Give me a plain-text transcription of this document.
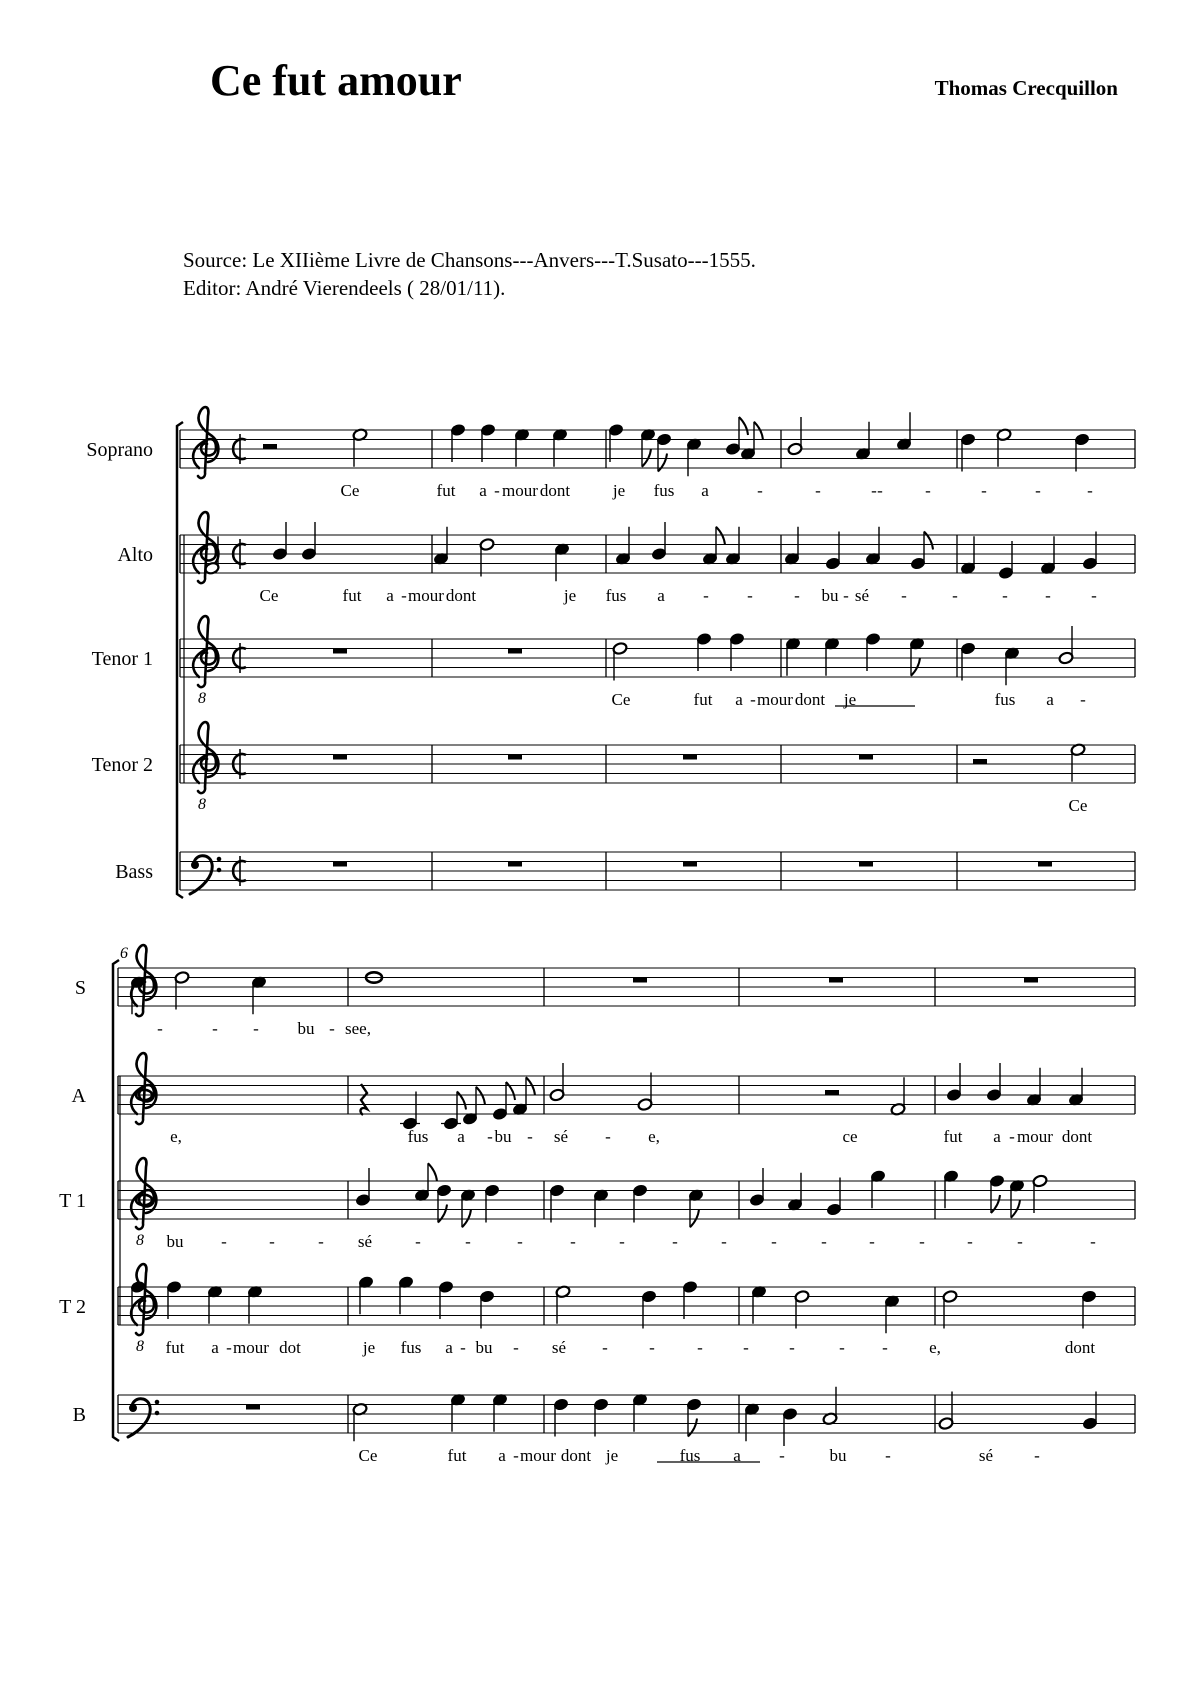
Ce fut amour	Thomas Crecquillon
Source: Le XIIième Livre de Chansons---Anvers---T.Susato---1555.
Editor: André Vierendeels ( 28/01/11).
Soprano
Alto
Tenor 1
8
Tenor 2
8
Bass
6
S
A
T 1
8
T 2
8
B
Ce	fut a - mour dont	je fus a	-	-	-	-	-	-	-
-
Ce	fut a - mour dont	je fus a - - - bu - sé -	-	- - -
Ce	fut a - mour dont je	fus a -
Ce
-	- - bu - see,
e,	fus a - bu - sé - e,	ce	fut a - mour dont
bu - -	- sé	-	-	-	-	-	-	-	-	- -	- -	-	-
fut a - mour dot	je fus a - bu - sé - - - - -	- - e,	dont
Ce	fut a - mour dont je	fus a -	bu -	sé -
